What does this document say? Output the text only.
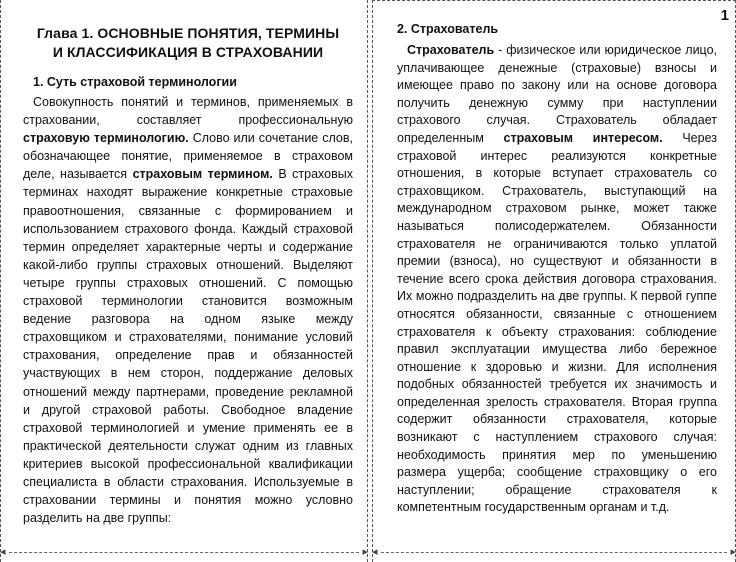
Глава 1. ОСНОВНЫЕ ПОНЯТИЯ, ТЕРМИНЫ
И КЛАССИФИКАЦИЯ В СТРАХОВАНИИ

1. Суть страховой терминологии

Совокупность понятий и терминов, применяемых в страховании, составляет профессиональную страховую терминологию. Слово или сочетание слов, обозначающее понятие, применяемое в страховом деле, называется страховым термином. В страховых терминах находят выражение конкретные страховые правоотношения, связанные с формированием и использованием страхового фонда. Каждый страховой термин определяет характерные черты и содержание какой-либо группы страховых отношений. Выделяют четыре группы страховых отношений. С помощью страховой терминологии становится возможным ведение разговора на одном языке между страховщиком и страхователями, понимание условий страхования, определение прав и обязанностей участвующих в нем сторон, поддержание деловых отношений между партнерами, проведение рекламной и другой страховой работы. Свободное владение страховой терминологией и умение применять ее в практической деятельности служат одним из главных критериев высокой профессиональной квалификации специалиста в области страхования. Используемые в страховании термины и понятия можно условно разделить на две группы:

◂	▸
1

2. Страхователь

Страхователь - физическое или юридическое лицо, уплачивающее денежные (страховые) взносы и имеющее право по закону или на основе договора получить денежную сумму при наступлении страхового случая. Страхователь обладает определенным страховым интересом. Через страховой интерес реализуются конкретные отношения, в которые вступает страхователь со страховщиком. Страхователь, выступающий на международном страховом рынке, может также называться полисодержателем. Обязанности страхователя не ограничиваются только уплатой премии (взноса), но существуют и обязанности в течение всего срока действия договора страхования. Их можно подразделить на две группы. К первой гуппе относятся обязанности, связанные с отношением страхователя к объекту страхования: соблюдение правил эксплуатации имущества либо бережное отношение к здоровью и жизни. Для исполнения подобных обязанностей требуется их значимость и определенная зрелость страхователя. Вторая группа содержит обязанности страхователя, которые возникают с наступлением страхового случая: необходимость принятия мер по уменьшению размера ущерба; сообщение страховщику о его наступлении; обращение страхователя к компетентным государственным органам и т.д.

◂	▸
